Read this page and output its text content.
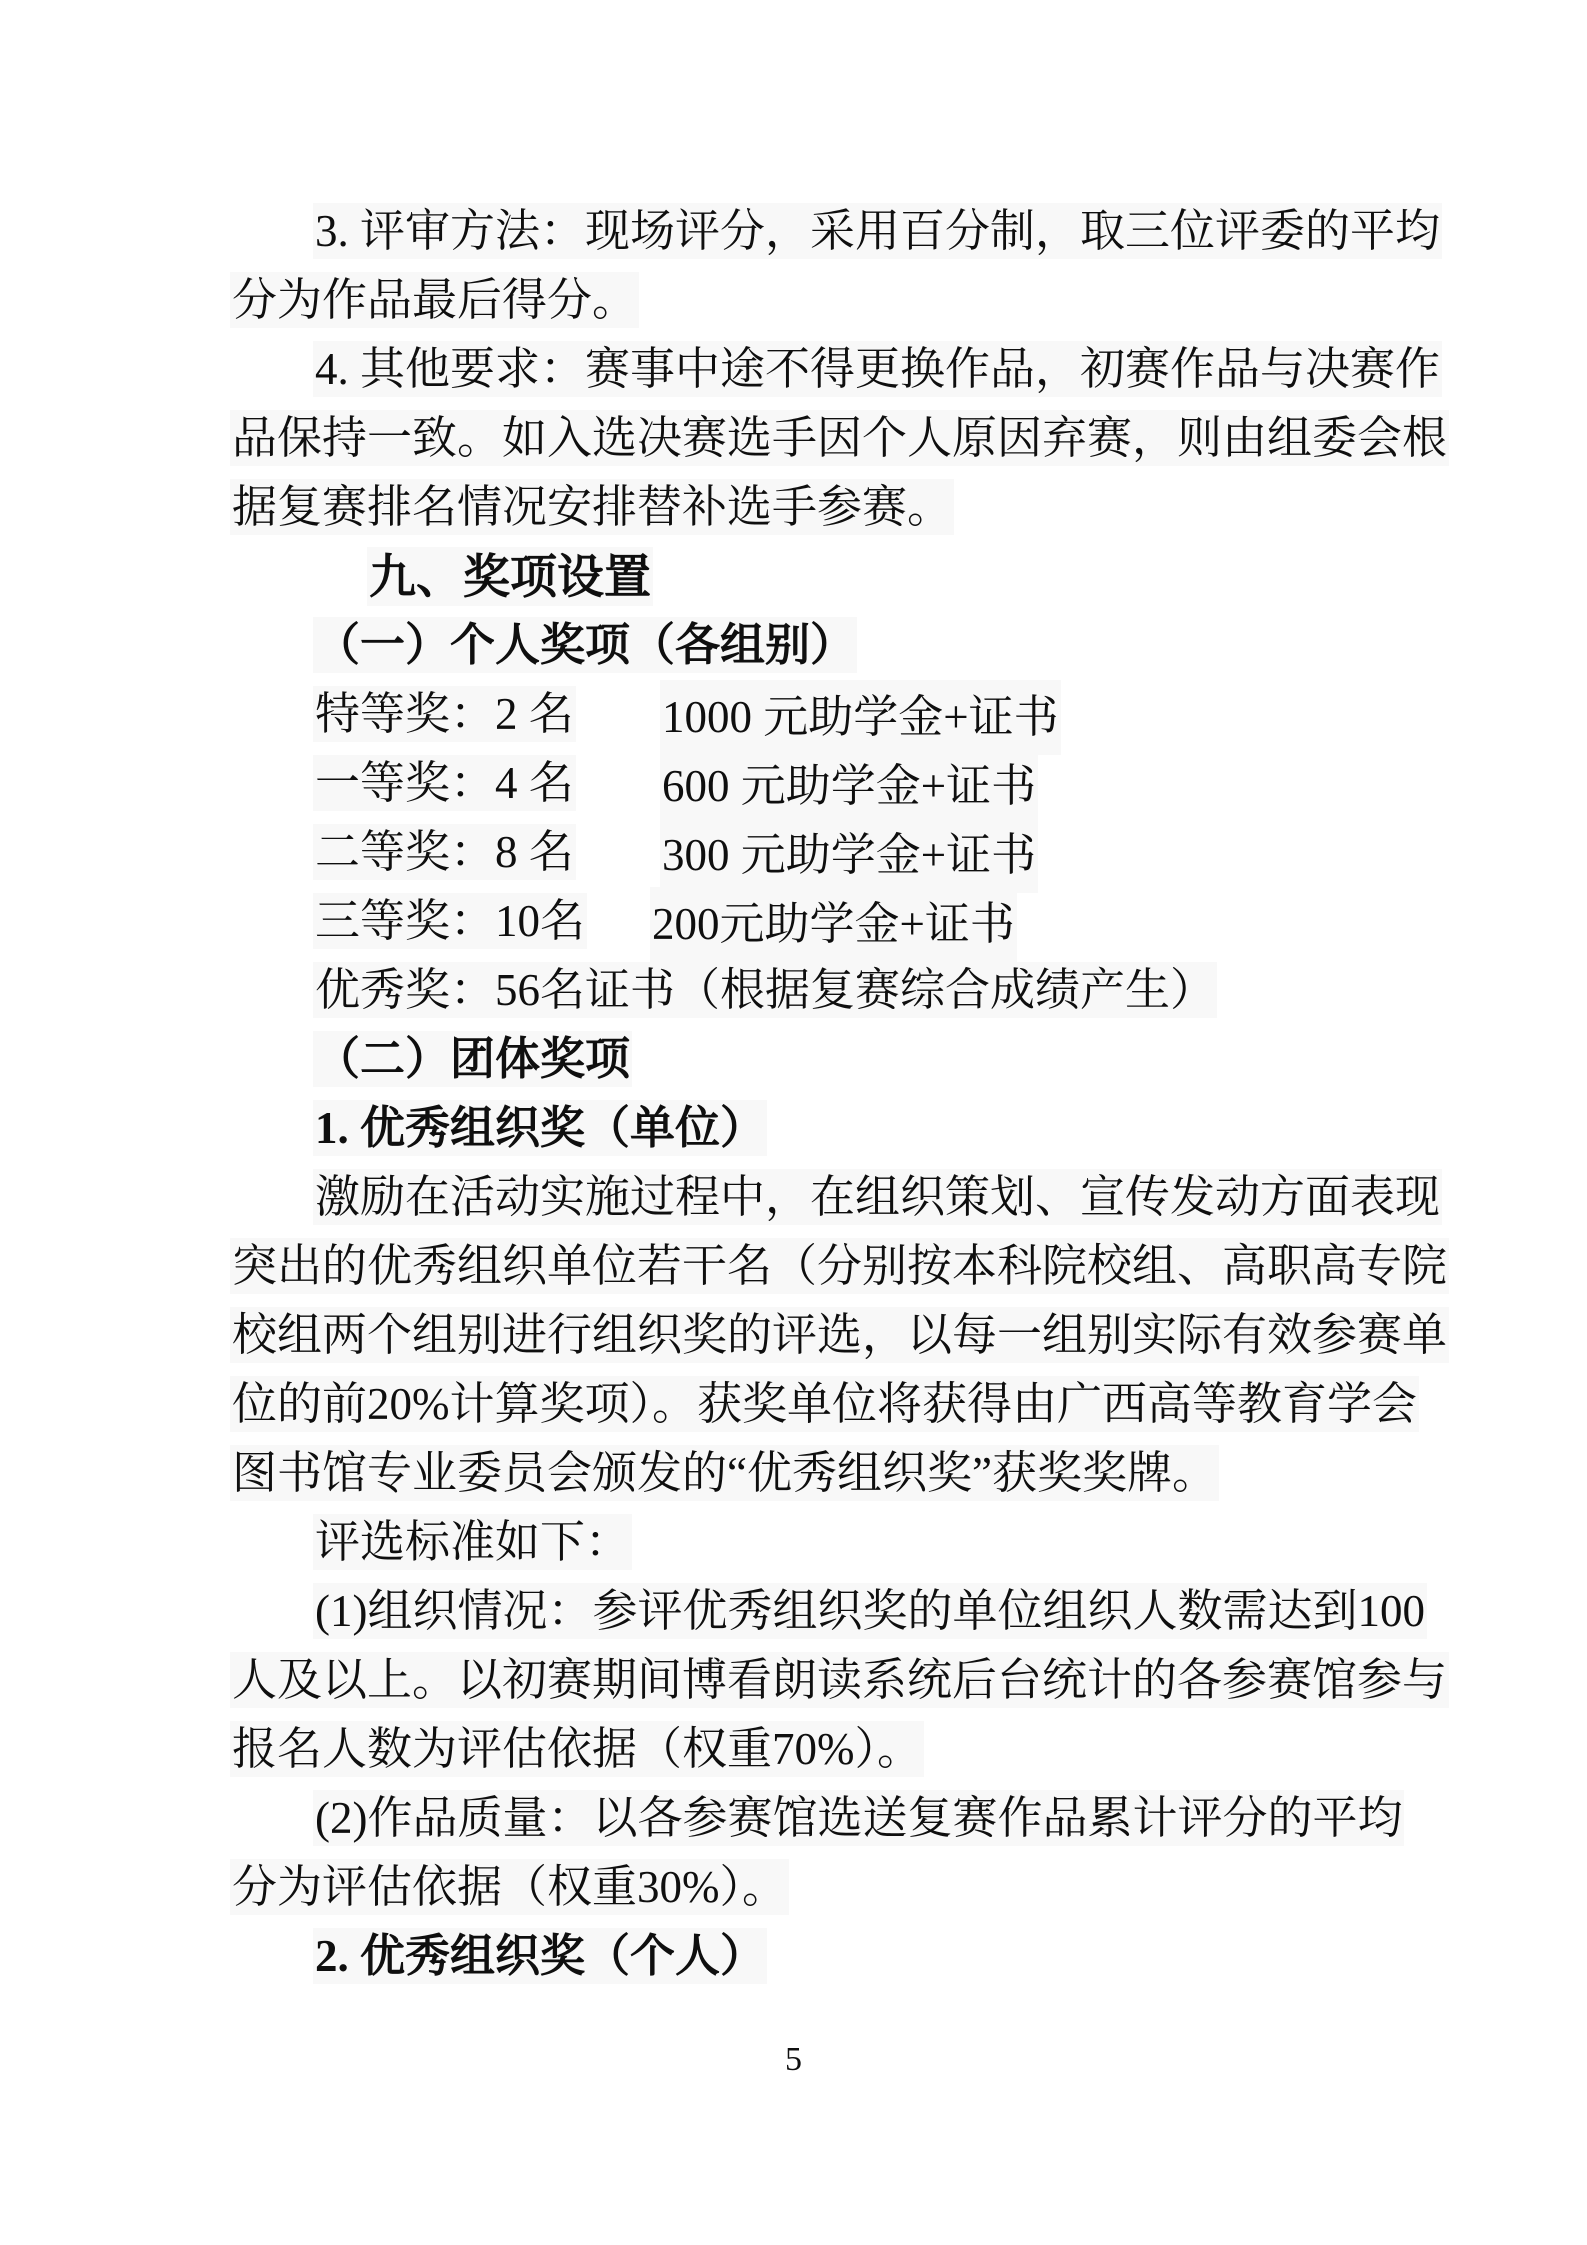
3. 评审方法：现场评分，采用百分制，取三位评委的平均
分为作品最后得分。
4. 其他要求：赛事中途不得更换作品，初赛作品与决赛作
品保持一致。如入选决赛选手因个人原因弃赛，则由组委会根
据复赛排名情况安排替补选手参赛。
九、奖项设置
（一）个人奖项（各组别）
特等奖：2 名 1000 元助学金+证书
一等奖：4 名 600 元助学金+证书
二等奖：8 名 300 元助学金+证书
三等奖：10名 200元助学金+证书
优秀奖：56名证书（根据复赛综合成绩产生）
（二）团体奖项
1. 优秀组织奖（单位）
激励在活动实施过程中，在组织策划、宣传发动方面表现
突出的优秀组织单位若干名（分别按本科院校组、高职高专院
校组两个组别进行组织奖的评选，以每一组别实际有效参赛单
位的前20%计算奖项）。获奖单位将获得由广西高等教育学会
图书馆专业委员会颁发的“优秀组织奖”获奖奖牌。
评选标准如下：
(1)组织情况：参评优秀组织奖的单位组织人数需达到100
人及以上。以初赛期间博看朗读系统后台统计的各参赛馆参与
报名人数为评估依据（权重70%）。
(2)作品质量：以各参赛馆选送复赛作品累计评分的平均
分为评估依据（权重30%）。
2. 优秀组织奖（个人）
5
